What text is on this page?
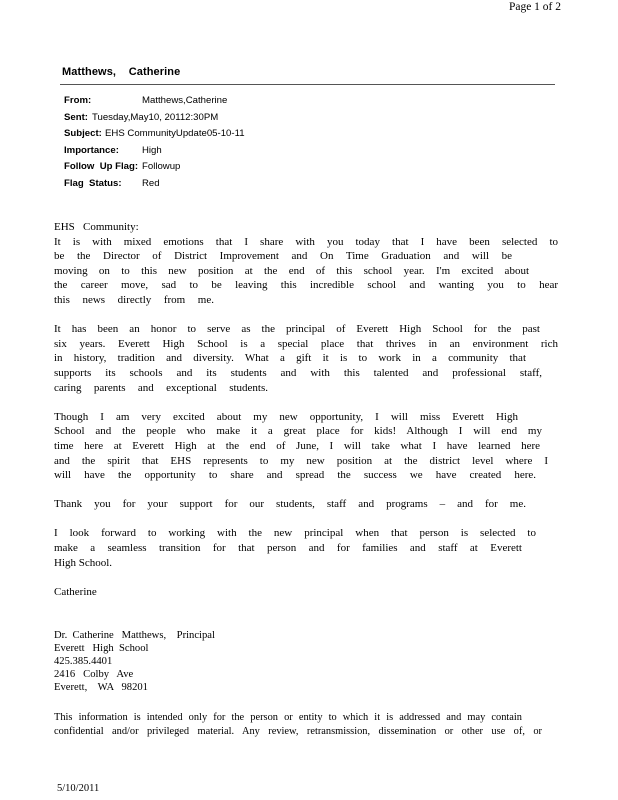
Page 1 of 2
Matthews,    Catherine
From:	Matthews,Catherine
Sent: Tuesday,May10, 20112:30PM
Subject: EHS CommunityUpdate05-10-11
Importance: High
Follow  Up Flag: Followup
Flag  Status: Red
EHS   Community:
It is with mixed emotions that I share with you today that I have been selected to
be the Director of District Improvement and On Time Graduation and will be
moving on to this new position at the end of this school year. I'm excited about
the career move, sad to be leaving this incredible school and wanting you to hear
this news directly from me.
It has been an honor to serve as the principal of Everett High School for the past
six years. Everett High School is a special place that thrives in an environment rich
in history, tradition and diversity. What a gift it is to work in a community that
supports its schools and its students and with this talented and professional staff,
caring parents and exceptional students.
Though I am very excited about my new opportunity, I will miss Everett High
School and the people who make it a great place for kids! Although I will end my
time here at Everett High at the end of June, I will take what I have learned here
and the spirit that EHS represents to my new position at the district level where I
will have the opportunity to share and spread the success we have created here.
Thank you for your support for our students, staff and programs – and for me.
I look forward to working with the new principal when that person is selected to
make a seamless transition for that person and for families and staff at Everett
High School.
Catherine
Dr.  Catherine   Matthews,    Principal
Everett   High  School
425.385.4401
2416   Colby   Ave
Everett,    WA   98201
This information is intended only for the person or entity to which it is addressed and may contain
confidential and/or privileged material. Any review, retransmission, dissemination or other use of, or
5/10/2011
